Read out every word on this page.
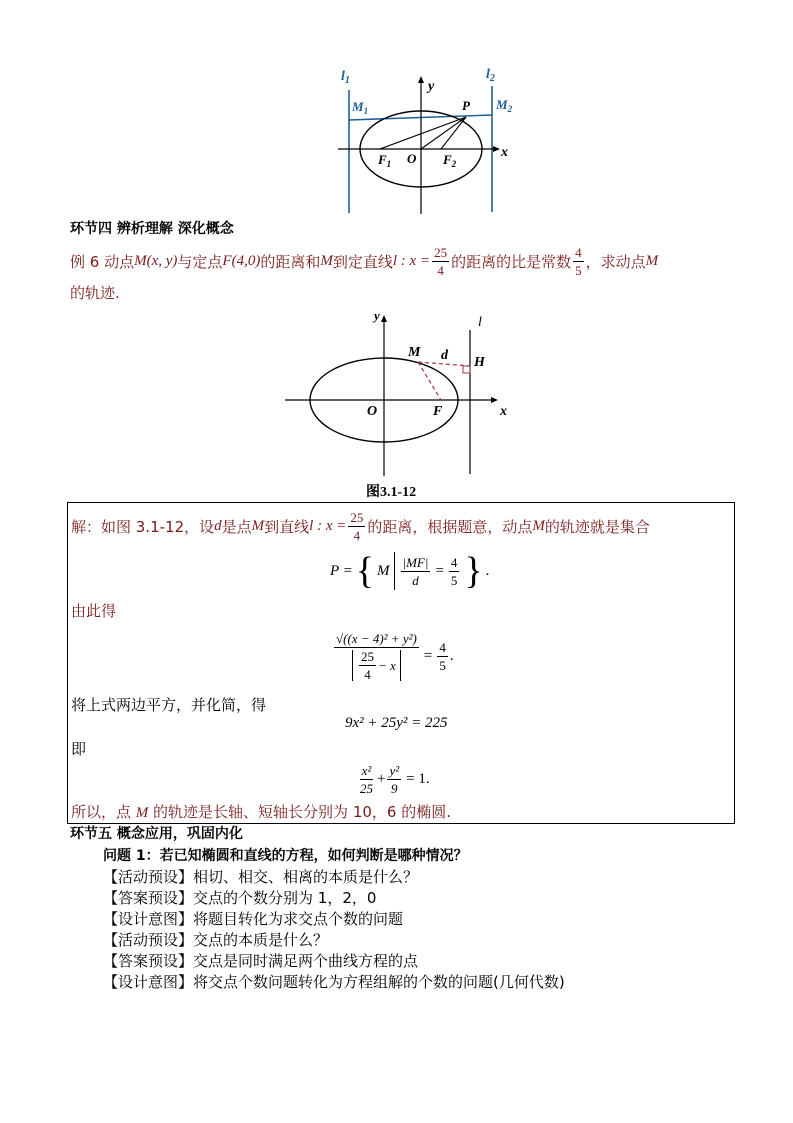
$l_1$	$l_2$
$M_1$	$M_2$
y
P
x
$F_1$ O $F_2$
环节四 辨析理解 深化概念
例 6 动点 M(x, y) 与定点 F(4,0) 的距离和 M 到定直线 l : $x = \frac{25}{4}$ 的距离的比是常数 $\frac{4}{5}$ ，求动点 M
的轨迹.
y	l
M d H
O	F	x
图3.1-12
解：如图 3.1-12，设 d 是点 M 到直线 l : $x = \frac{25}{4}$ 的距离，根据题意，动点 M 的轨迹就是集合
P = { M $\frac{|MF|}{d} = \frac{4}{5}$ } .
由此得
$\frac{\text{√((x − 4)² + y²)}}{\frac{25}{4} - x} = \frac{4}{5}$ .
将上式两边平方，并化简，得
9x² + 25y² = 225
即
$\frac{\text{x²}}{25} + \frac{\text{y²}}{9} = 1$.
所以，点 M 的轨迹是长轴、短轴长分别为 10，6 的椭圆.
环节五 概念应用，巩固内化
问题 1：若已知椭圆和直线的方程，如何判断是哪种情况？
【活动预设】相切、相交、相离的本质是什么？
【答案预设】交点的个数分别为 1，2，0
【设计意图】将题目转化为求交点个数的问题
【活动预设】交点的本质是什么？
【答案预设】交点是同时满足两个曲线方程的点
【设计意图】将交点个数问题转化为方程组解的个数的问题(几何代数)
